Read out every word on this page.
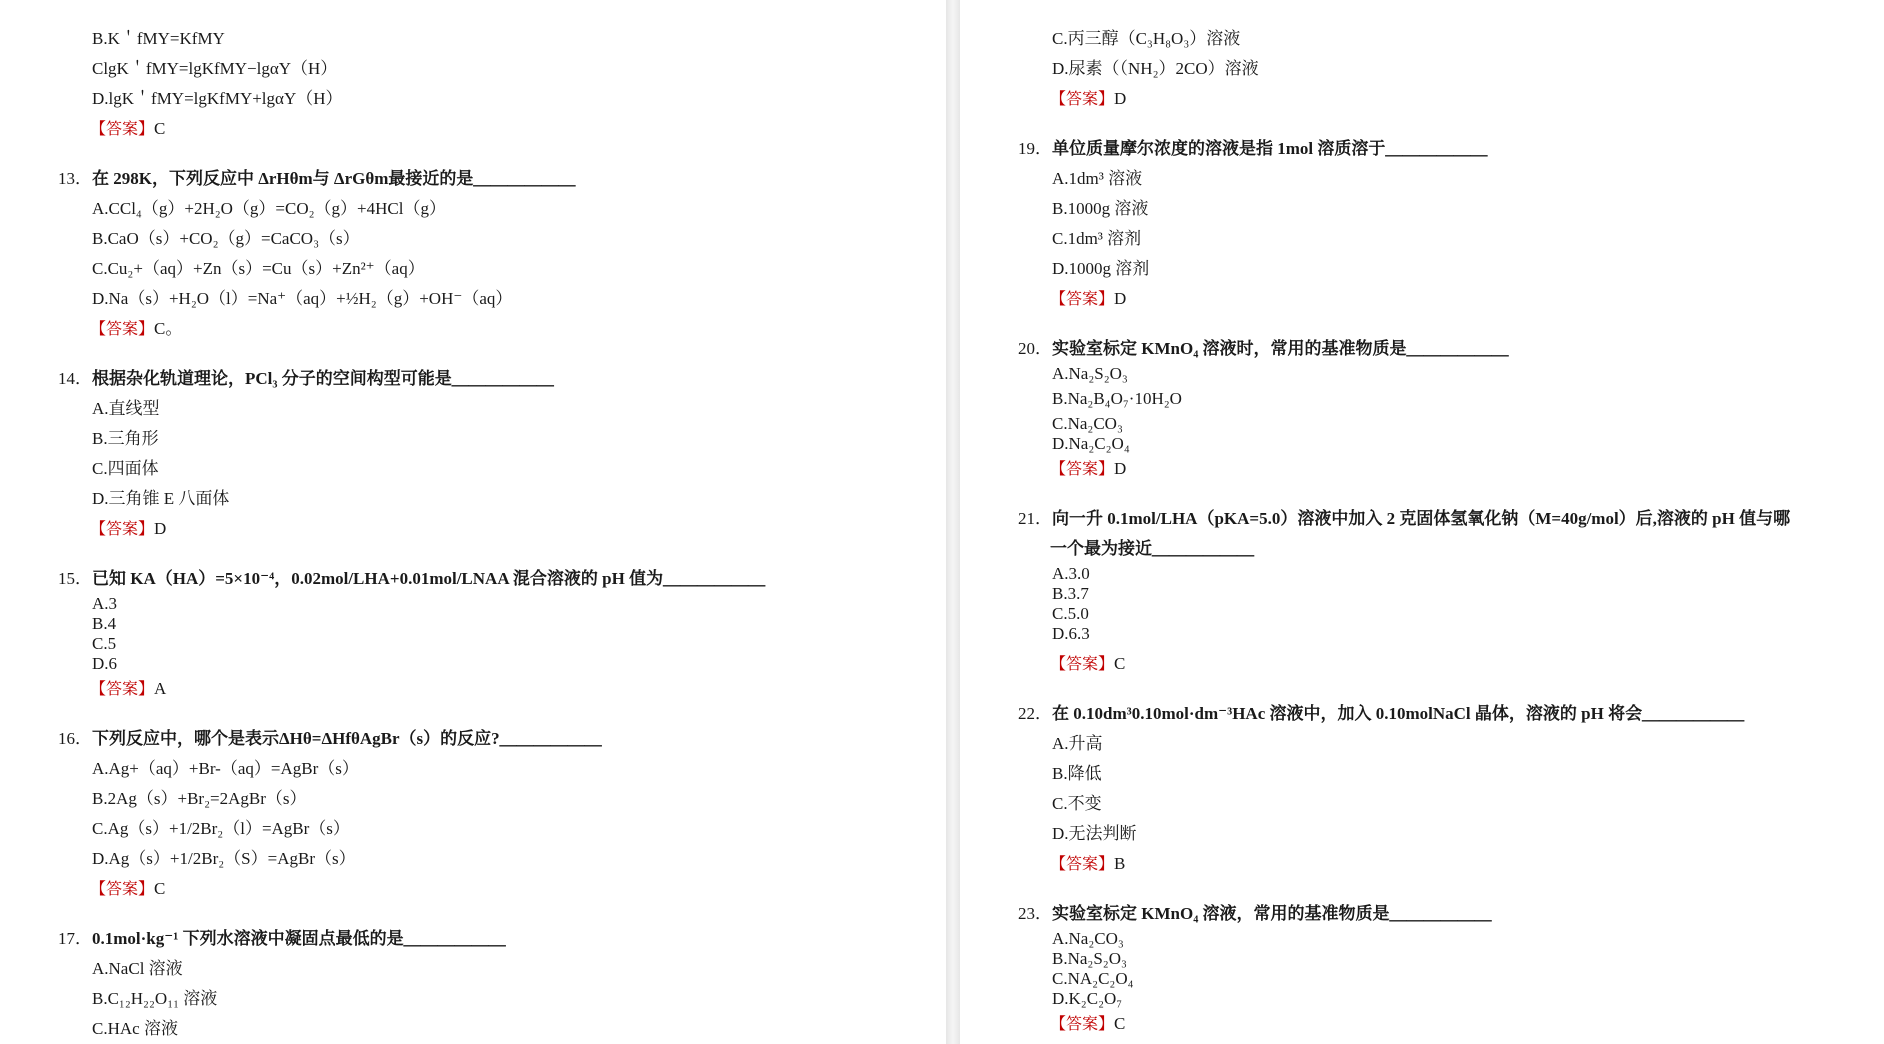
B.K＇fMY=KfMY
ClgK＇fMY=lgKfMY−lgαY（H）
D.lgK＇fMY=lgKfMY+lgαY（H）
【答案】C
13．在 298K，下列反应中 ΔrHθm与 ΔrGθm最接近的是＿＿＿＿＿＿
A.CCl₄（g）+2H₂O（g）=CO₂（g）+4HCl（g）
B.CaO（s）+CO₂（g）=CaCO₃（s）
C.Cu₂+（aq）+Zn（s）=Cu（s）+Zn²⁺（aq）
D.Na（s）+H₂O（l）=Na⁺（aq）+½H₂（g）+OH⁻（aq）
【答案】C。
14．根据杂化轨道理论，PCl₃ 分子的空间构型可能是＿＿＿＿＿＿
A.直线型
B.三角形
C.四面体
D.三角锥 E 八面体
【答案】D
15．已知 KA（HA）=5×10⁻⁴，0.02mol/LHA+0.01mol/LNAA 混合溶液的 pH 值为＿＿＿＿＿＿
A.3
B.4
C.5
D.6
【答案】A
16．下列反应中，哪个是表示ΔHθ=ΔHfθAgBr（s）的反应?＿＿＿＿＿＿
A.Ag+（aq）+Br-（aq）=AgBr（s）
B.2Ag（s）+Br₂=2AgBr（s）
C.Ag（s）+1/2Br₂（l）=AgBr（s）
D.Ag（s）+1/2Br₂（S）=AgBr（s）
【答案】C
17．0.1mol·kg⁻¹ 下列水溶液中凝固点最低的是＿＿＿＿＿＿
A.NaCl 溶液
B.C₁₂H₂₂O₁₁ 溶液
C.HAc 溶液
C.丙三醇（C₃H₈O₃）溶液
D.尿素（（NH₂）2CO）溶液
【答案】D
19．单位质量摩尔浓度的溶液是指 1mol 溶质溶于＿＿＿＿＿＿
A.1dm³ 溶液
B.1000g 溶液
C.1dm³ 溶剂
D.1000g 溶剂
【答案】D
20．实验室标定 KMnO₄ 溶液时，常用的基准物质是＿＿＿＿＿＿
A.Na₂S₂O₃
B.Na₂B₄O₇·10H₂O
C.Na₂CO₃
D.Na₂C₂O₄
【答案】D
21．向一升 0.1mol/LHA（pKA=5.0）溶液中加入 2 克固体氢氧化钠（M=40g/mol）后,溶液的 pH 值与哪
一个最为接近＿＿＿＿＿＿
A.3.0
B.3.7
C.5.0
D.6.3
【答案】C
22．在 0.10dm³0.10mol·dm⁻³HAc 溶液中，加入 0.10molNaCl 晶体，溶液的 pH 将会＿＿＿＿＿＿
A.升高
B.降低
C.不变
D.无法判断
【答案】B
23．实验室标定 KMnO₄ 溶液，常用的基准物质是＿＿＿＿＿＿
A.Na₂CO₃
B.Na₂S₂O₃
C.NA₂C₂O₄
D.K₂C₂O₇
【答案】C
